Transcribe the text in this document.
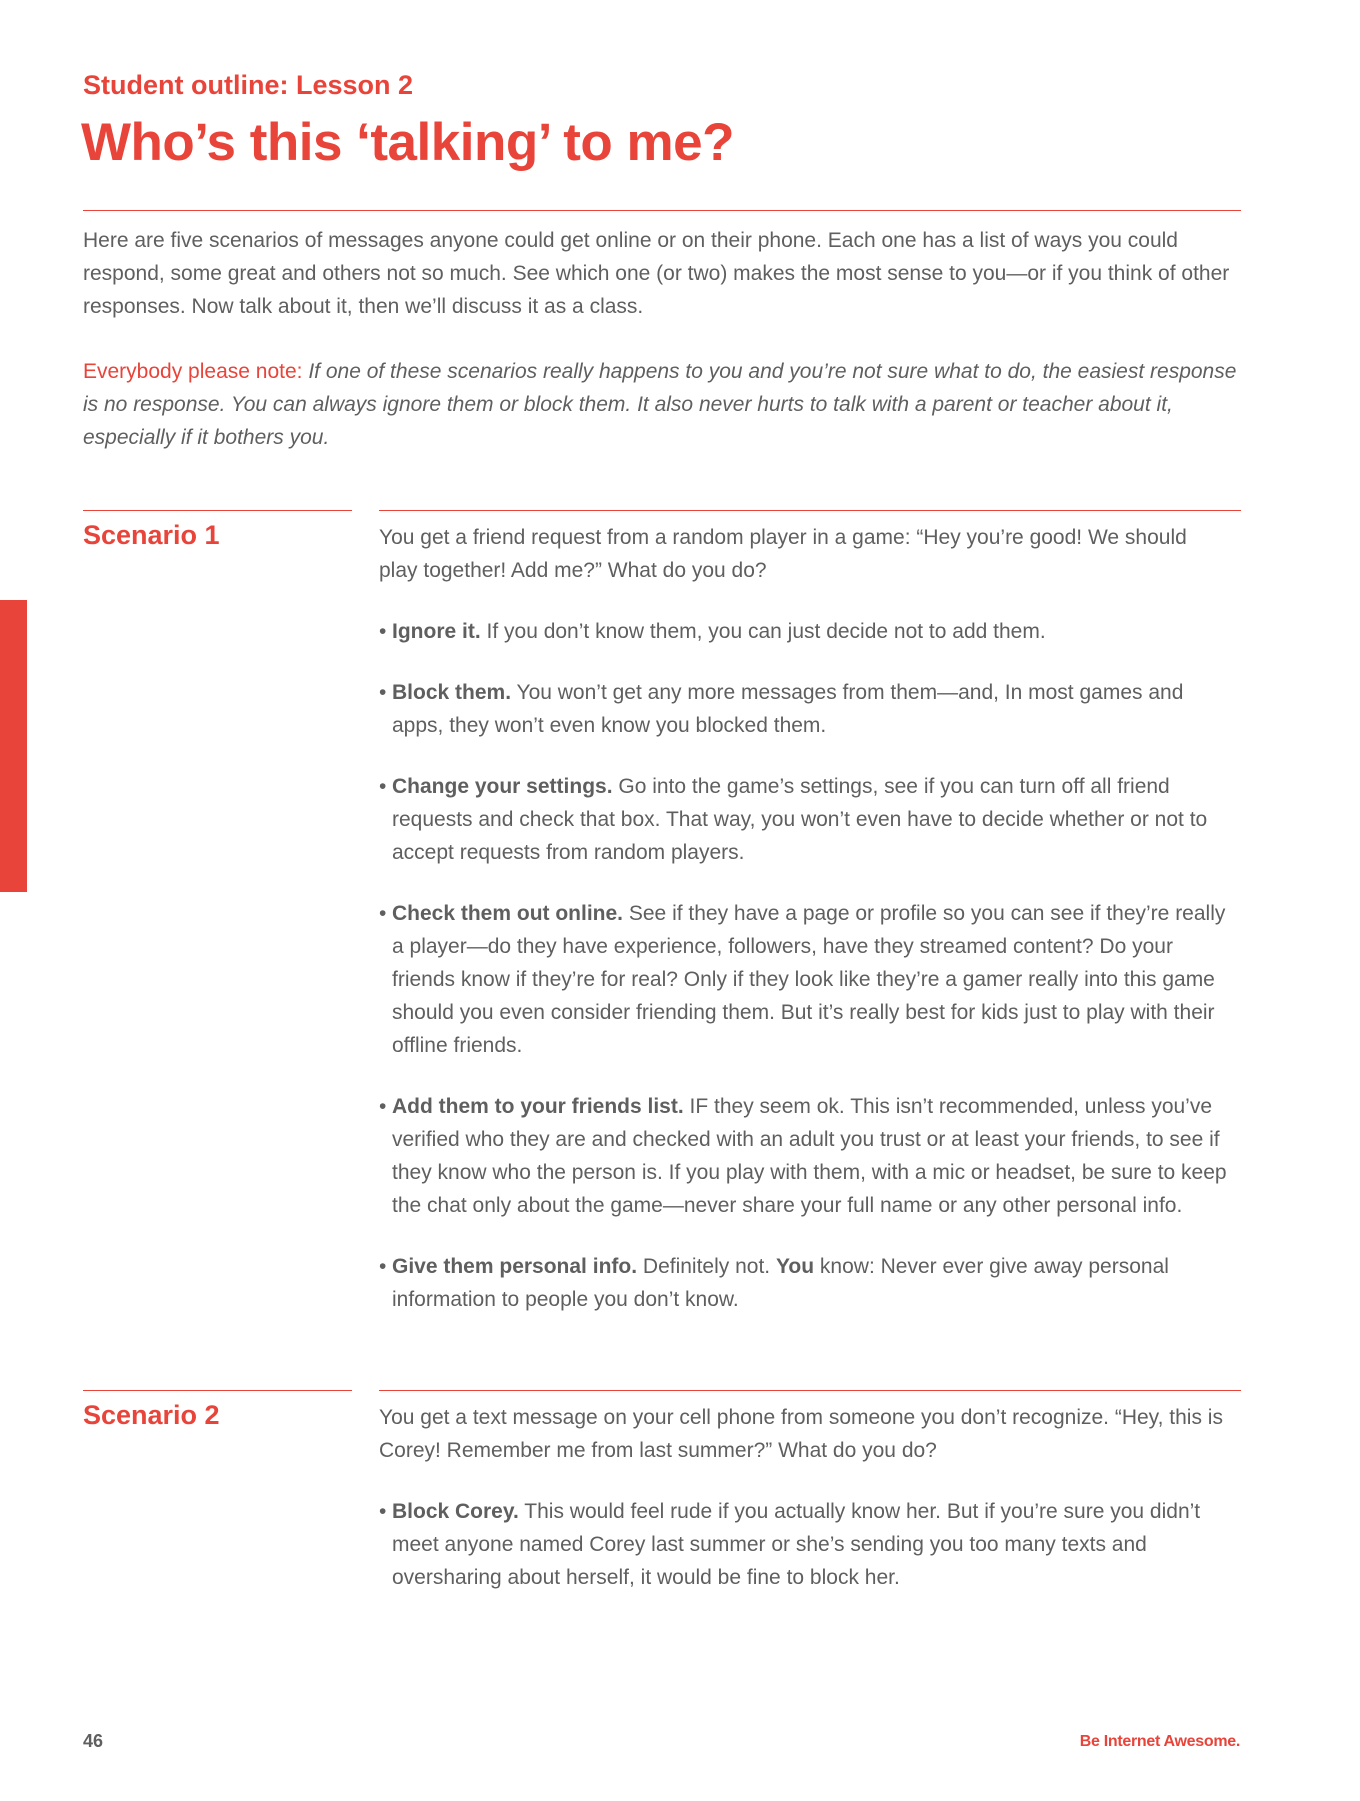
Student outline: Lesson 2
Who’s this ‘talking’ to me?

Here are five scenarios of messages anyone could get online or on their phone. Each one has a list of ways you could respond, some great and others not so much. See which one (or two) makes the most sense to you—or if you think of other responses. Now talk about it, then we’ll discuss it as a class.

Everybody please note: If one of these scenarios really happens to you and you’re not sure what to do, the easiest response is no response. You can always ignore them or block them. It also never hurts to talk with a parent or teacher about it, especially if it bothers you.

Scenario 1	You get a friend request from a random player in a game: “Hey you’re good! We should play together! Add me?” What do you do?

• Ignore it. If you don’t know them, you can just decide not to add them.
• Block them. You won’t get any more messages from them—and, In most games and apps, they won’t even know you blocked them.
• Change your settings. Go into the game’s settings, see if you can turn off all friend requests and check that box. That way, you won’t even have to decide whether or not to accept requests from random players.
• Check them out online. See if they have a page or profile so you can see if they’re really a player—do they have experience, followers, have they streamed content? Do your friends know if they’re for real? Only if they look like they’re a gamer really into this game should you even consider friending them. But it’s really best for kids just to play with their offline friends.
• Add them to your friends list. IF they seem ok. This isn’t recommended, unless you’ve verified who they are and checked with an adult you trust or at least your friends, to see if they know who the person is. If you play with them, with a mic or headset, be sure to keep the chat only about the game—never share your full name or any other personal info.
• Give them personal info. Definitely not. You know: Never ever give away personal information to people you don’t know.
Scenario 2	You get a text message on your cell phone from someone you don’t recognize. “Hey, this is Corey! Remember me from last summer?” What do you do?

• Block Corey. This would feel rude if you actually know her. But if you’re sure you didn’t meet anyone named Corey last summer or she’s sending you too many texts and oversharing about herself, it would be fine to block her.

46	Be Internet Awesome.
